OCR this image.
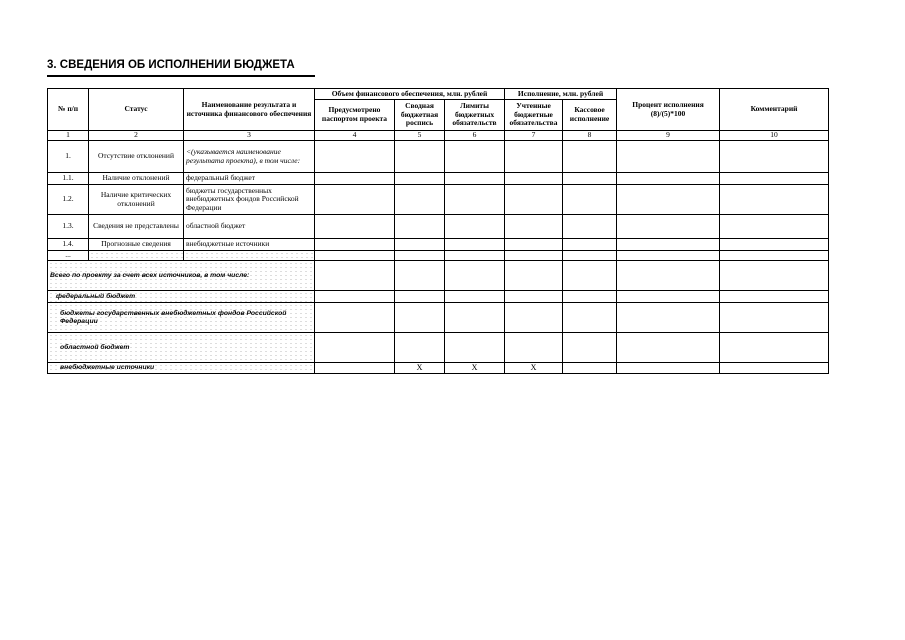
3. СВЕДЕНИЯ ОБ ИСПОЛНЕНИИ БЮДЖЕТА
№ п/п	Статус	Наименование результата и источника финансового обеспечения	Объем финансового обеспечения, млн. рублей			Исполнение, млн. рублей		Процент исполнения (8)/(5)*100	Комментарий
			Предусмотрено паспортом проекта	Сводная бюджетная роспись	Лимиты бюджетных обязательств	Учтенные бюджетные обязательства	Кассовое исполнение		
1	2	3	4	5	6	7	8	9	10
1.	Отсутствие отклонений	<(указывается наименование результата проекта), в том числе:							
1.1.	Наличие отклонений	федеральный бюджет							
1.2.	Наличие критических отклонений	бюджеты государственных внебюджетных фондов Российской Федерации							
1.3.	Сведения не представлены	областной бюджет							
1.4.	Прогнозные сведения	внебюджетные источники							
...									
Всего по проекту за счет всех источников, в том числе:									
федеральный бюджет									
бюджеты государственных внебюджетных фондов Российской Федерации									
областной бюджет									
внебюджетные источники				X	X	X			
